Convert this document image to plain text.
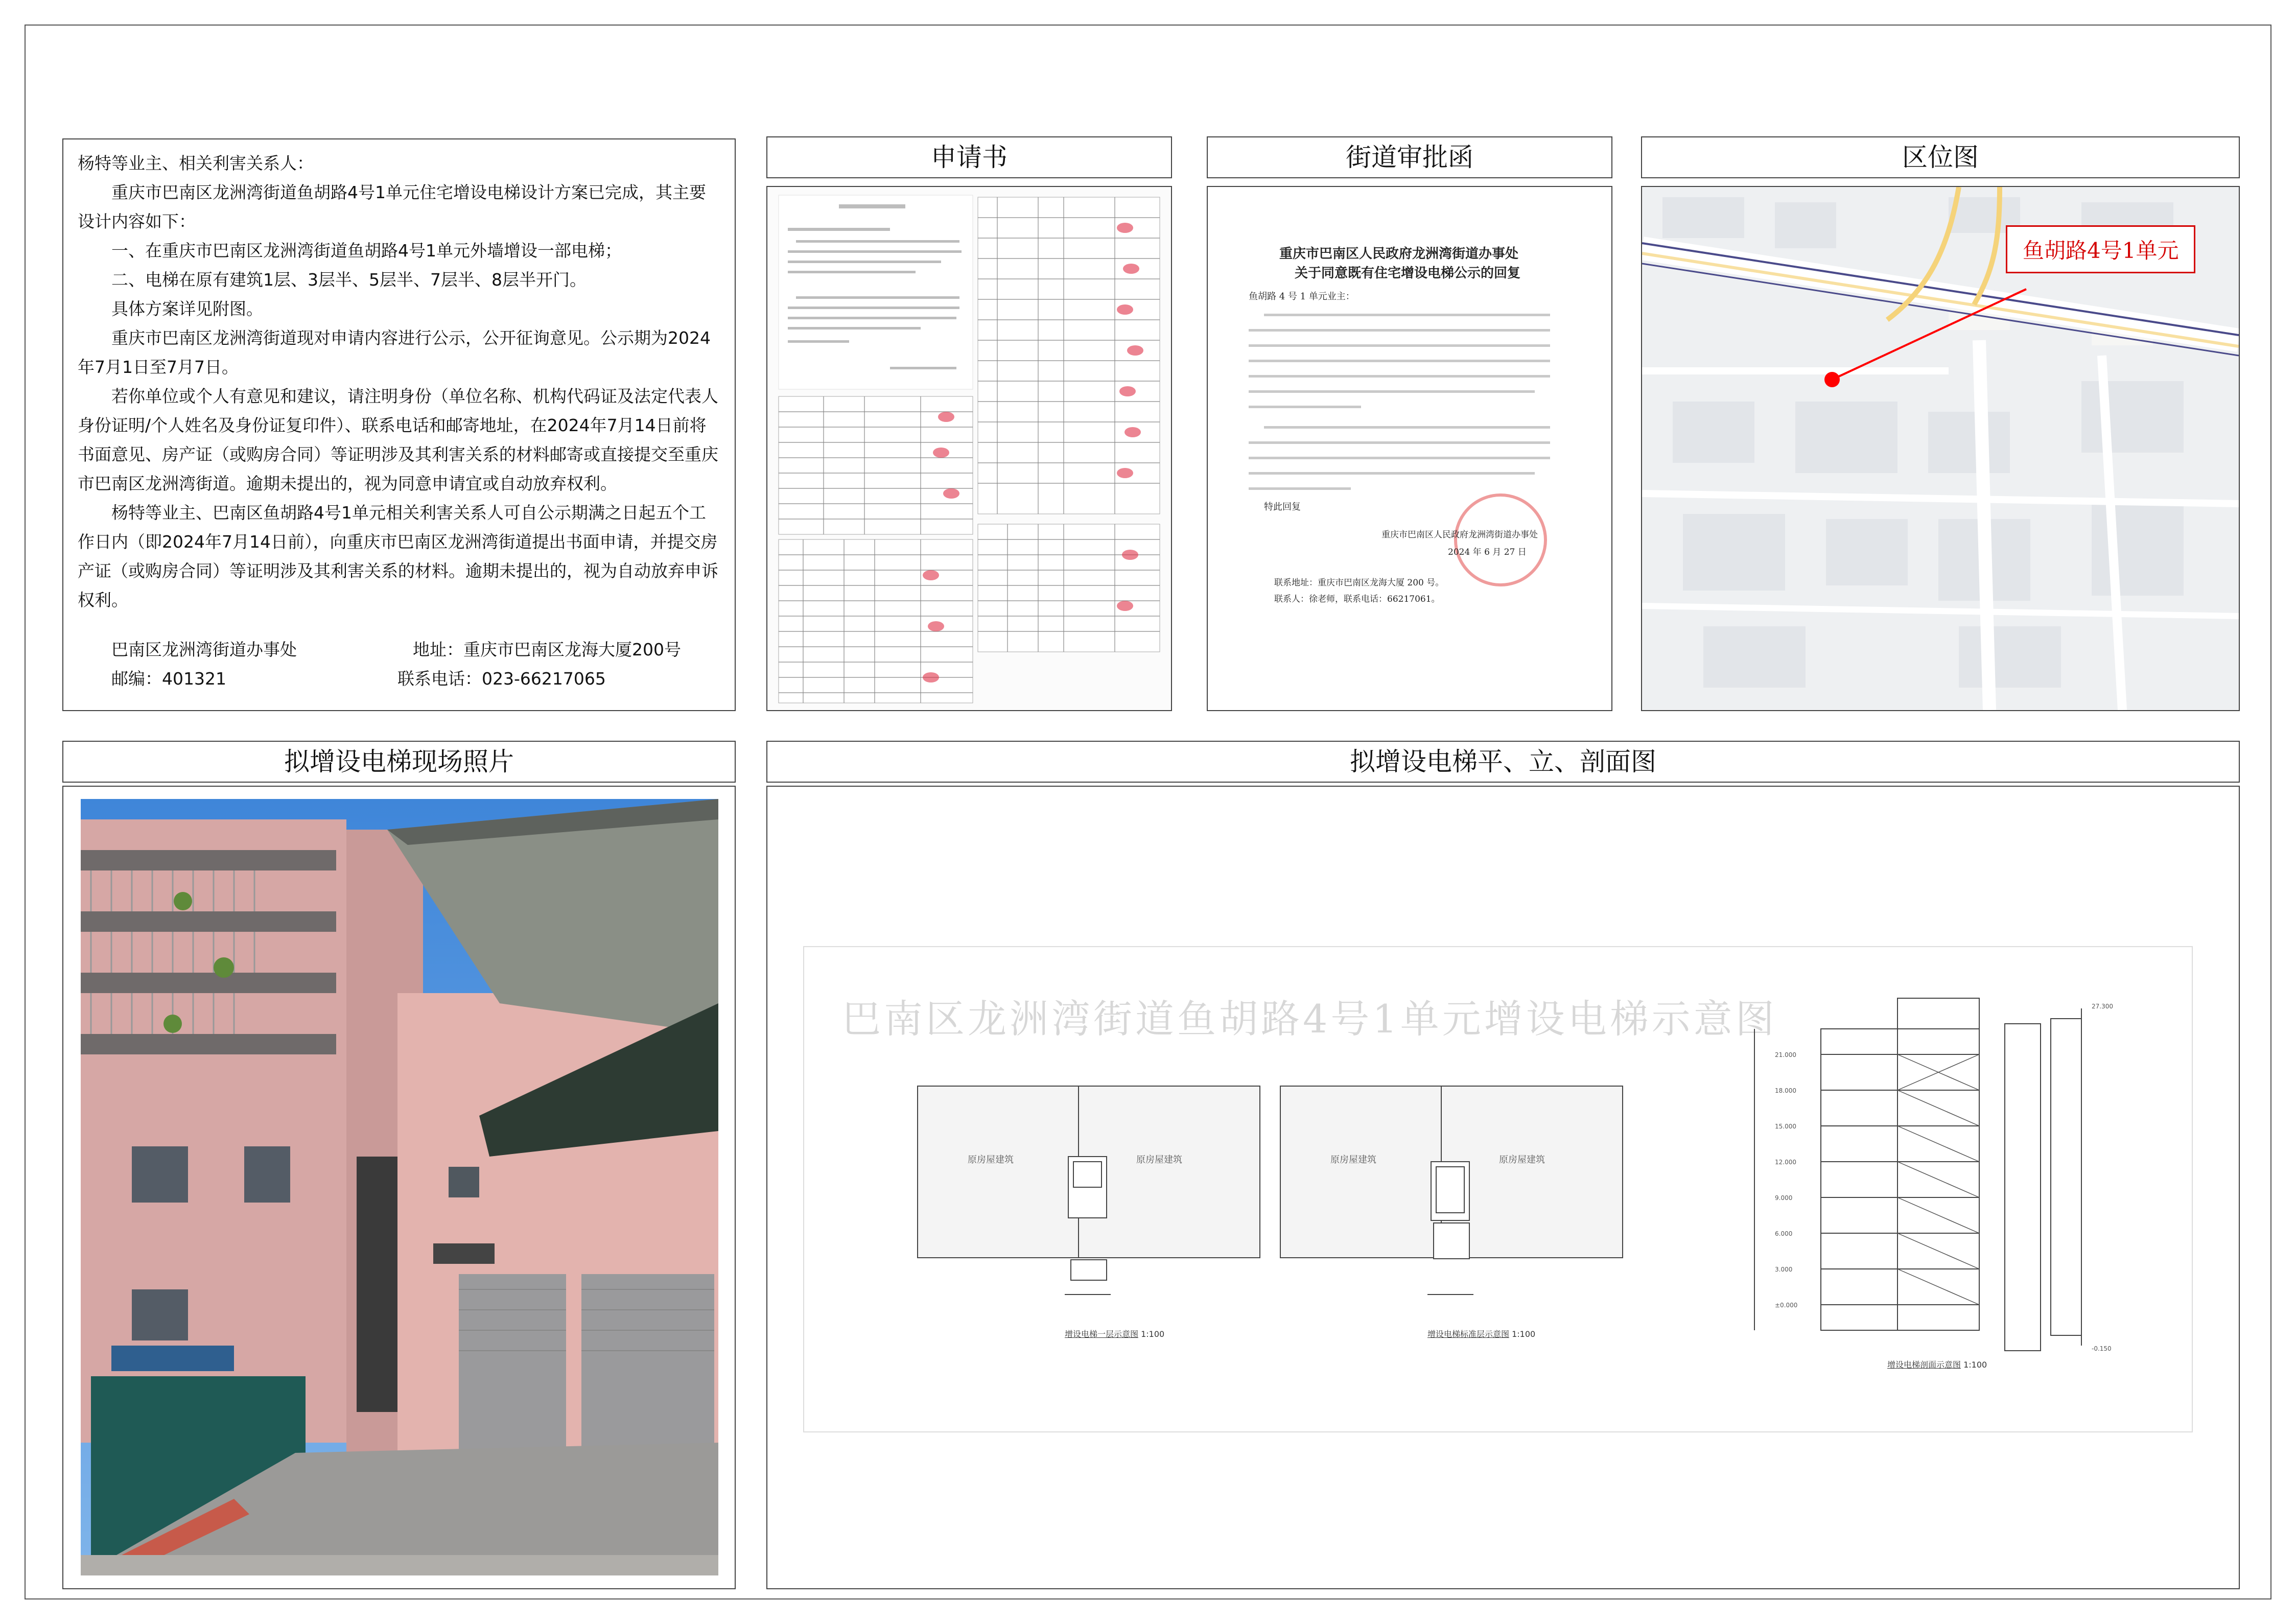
杨特等业主、相关利害关系人：

重庆市巴南区龙洲湾街道鱼胡路4号1单元住宅增设电梯设计方案已完成，其主要设计内容如下：

一、在重庆市巴南区龙洲湾街道鱼胡路4号1单元外墙增设一部电梯；

二、电梯在原有建筑1层、3层半、5层半、7层半、8层半开门。

具体方案详见附图。

重庆市巴南区龙洲湾街道现对申请内容进行公示，公开征询意见。公示期为2024年7月1日至7月7日。

若你单位或个人有意见和建议，请注明身份（单位名称、机构代码证及法定代表人身份证明/个人姓名及身份证复印件）、联系电话和邮寄地址，在2024年7月14日前将书面意见、房产证（或购房合同）等证明涉及其利害关系的材料邮寄或直接提交至重庆市巴南区龙洲湾街道。逾期未提出的，视为同意申请宜或自动放弃权利。

杨特等业主、巴南区鱼胡路4号1单元相关利害关系人可自公示期满之日起五个工作日内（即2024年7月14日前），向重庆市巴南区龙洲湾街道提出书面申请，并提交房产证（或购房合同）等证明涉及其利害关系的材料。逾期未提出的，视为自动放弃申诉权利。

巴南区龙洲湾街道办事处	地址：重庆市巴南区龙海大厦200号
邮编：401321	联系电话：023-66217065
申请书	街道审批函
重庆市巴南区人民政府龙洲湾街道办事处
关于同意既有住宅增设电梯公示的回复
鱼胡路 4 号 1 单元业主：
特此回复
重庆市巴南区人民政府龙洲湾街道办事处
2024 年 6 月 27 日
联系地址：重庆市巴南区龙海大厦 200 号。
联系人：徐老师，联系电话：66217061。
区位图
鱼胡路4号1单元
拟增设电梯现场照片	拟增设电梯平、立、剖面图
巴南区龙洲湾街道鱼胡路4号1单元增设电梯示意图
原房屋建筑	原房屋建筑	原房屋建筑	原房屋建筑
21.000
18.000
15.000
12.000
9.000
6.000
3.000
±0.000
27.300
-0.150
增设电梯一层示意图 1:100	增设电梯标准层示意图 1:100
增设电梯剖面示意图 1:100
